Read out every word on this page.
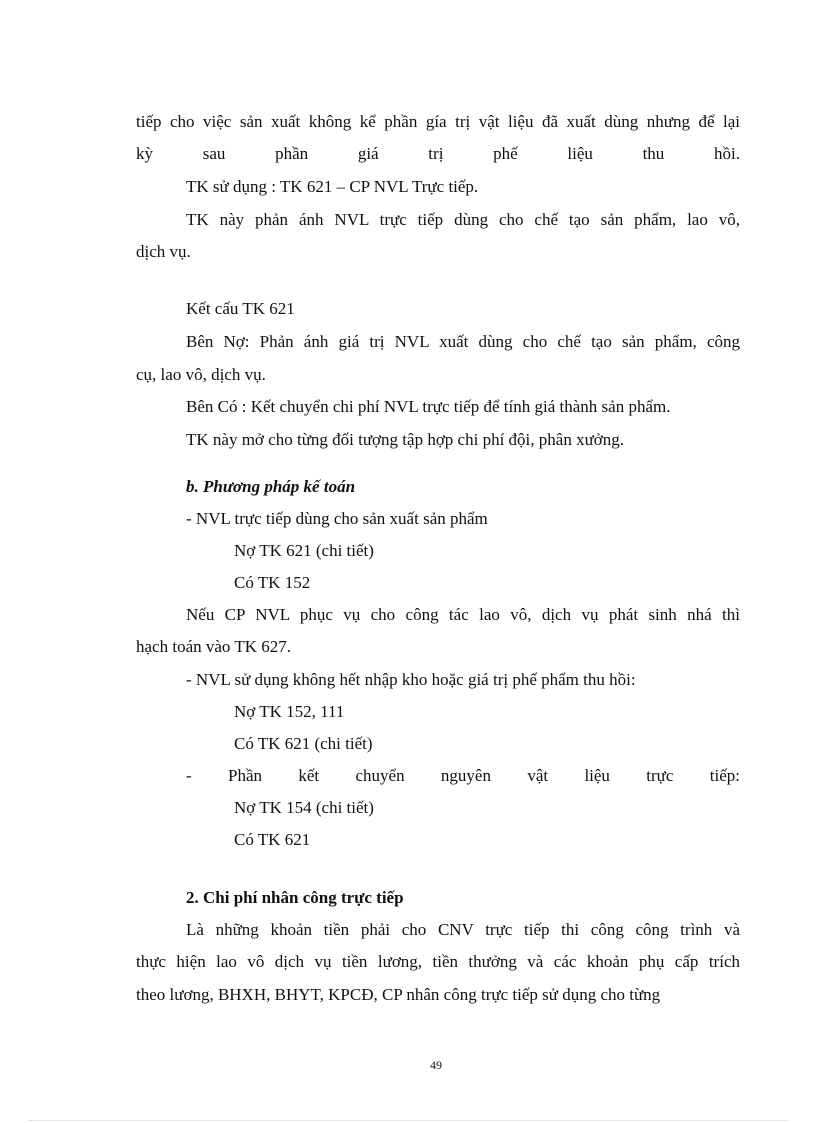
tiếp cho việc sản xuất không kể phần gía trị vật liệu đã xuất dùng nhưng để lại
kỳ sau phần giá trị phế liệu thu hồi.
TK sử dụng : TK 621 – CP NVL Trực tiếp.
TK này phản ánh NVL trực tiếp dùng cho chế tạo sản phẩm, lao vô,
dịch vụ.
Kết cấu TK 621
Bên Nợ: Phản ánh giá trị NVL xuất dùng cho chế tạo sản phẩm, công
cụ, lao vô, dịch vụ.
Bên Có : Kết chuyển chi phí NVL trực tiếp để tính giá thành sản phẩm.
TK này mở cho từng đối tượng tập hợp chi phí đội, phân xưởng.
b. Phương pháp kế toán
- NVL trực tiếp dùng cho sản xuất sản phẩm
Nợ TK 621 (chi tiết)
Có TK 152
Nếu CP NVL phục vụ cho công tác lao vô, dịch vụ phát sinh nhá thì
hạch toán vào TK 627.
- NVL sử dụng không hết nhập kho hoặc giá trị phế phẩm thu hồi:
Nợ TK 152, 111
Có TK 621 (chi tiết)
- Phần kết chuyển nguyên vật liệu trực tiếp:
Nợ TK 154 (chi tiết)
Có TK 621
2. Chi phí nhân công trực tiếp
Là những khoản tiền phải cho CNV trực tiếp thi công công trình và
thực hiện lao vô dịch vụ tiền lương, tiền thưởng và các khoản phụ cấp trích
theo lương, BHXH, BHYT, KPCĐ, CP nhân công trực tiếp sử dụng cho từng
49
